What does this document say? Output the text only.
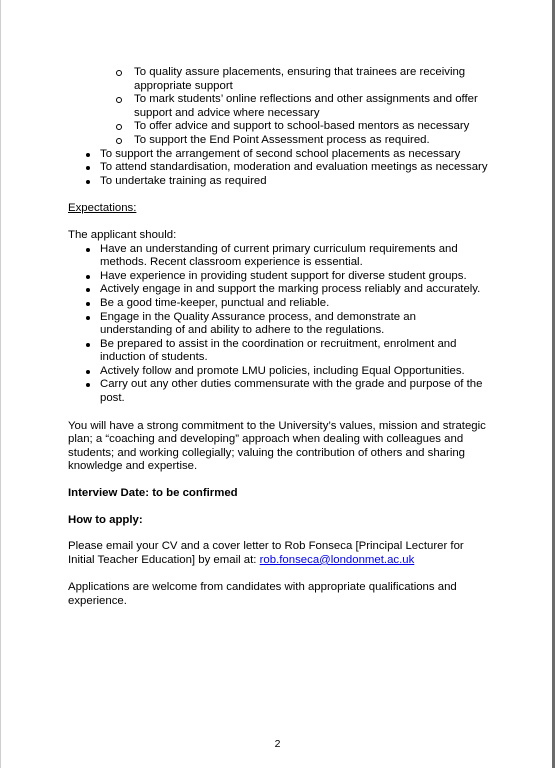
To quality assure placements, ensuring that trainees are receiving appropriate support
To mark students’ online reflections and other assignments and offer support and advice where necessary
To offer advice and support to school-based mentors as necessary
To support the End Point Assessment process as required.
To support the arrangement of second school placements as necessary
To attend standardisation, moderation and evaluation meetings as necessary
To undertake training as required

Expectations:

The applicant should:

Have an understanding of current primary curriculum requirements and methods. Recent classroom experience is essential.
Have experience in providing student support for diverse student groups.
Actively engage in and support the marking process reliably and accurately.
Be a good time-keeper, punctual and reliable.
Engage in the Quality Assurance process, and demonstrate an understanding of and ability to adhere to the regulations.
Be prepared to assist in the coordination or recruitment, enrolment and induction of students.
Actively follow and promote LMU policies, including Equal Opportunities.
Carry out any other duties commensurate with the grade and purpose of the post.

You will have a strong commitment to the University’s values, mission and strategic plan; a “coaching and developing” approach when dealing with colleagues and students; and working collegially; valuing the contribution of others and sharing knowledge and expertise.

Interview Date: to be confirmed

How to apply:

Please email your CV and a cover letter to Rob Fonseca [Principal Lecturer for Initial Teacher Education] by email at: rob.fonseca@londonmet.ac.uk

Applications are welcome from candidates with appropriate qualifications and experience.

2
